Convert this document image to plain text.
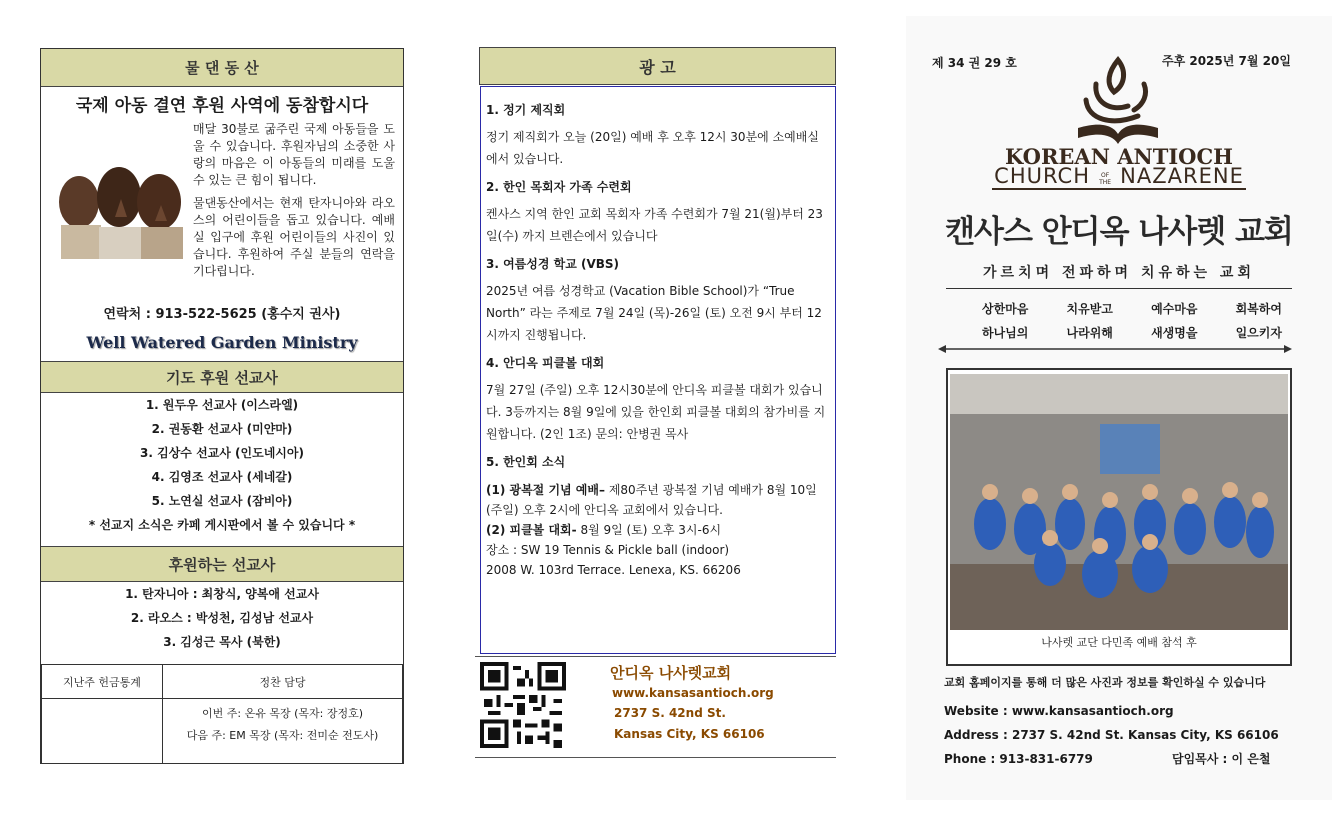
물 댄 동 산
국제 아동 결연 후원 사역에 동참합시다
매달 30불로 굶주린 국제 아동들을 도울 수 있습니다. 후원자님의 소중한 사랑의 마음은 이 아동들의 미래를 도울 수 있는 큰 힘이 됩니다.
물댄동산에서는 현재 탄자니아와 라오스의 어린이들을 돕고 있습니다. 예배실 입구에 후원 어린이들의 사진이 있습니다. 후원하여 주실 분들의 연락을 기다립니다.
연락처 : 913-522-5625 (홍수지 권사)
Well Watered Garden Ministry
기도 후원 선교사
1. 원두우 선교사 (이스라엘)
2. 권동환 선교사 (미얀마)
3. 김상수 선교사 (인도네시아)
4. 김영조 선교사 (세네갈)
5. 노연실 선교사 (잠비아)
* 선교지 소식은 카페 게시판에서 볼 수 있습니다 *
후원하는 선교사
1. 탄자니아 : 최창식, 양복애 선교사
2. 라오스 : 박성천, 김성남 선교사
3. 김성근 목사 (북한)
지난주 헌금통계	정찬 담당

	이번 주: 온유 목장 (목자: 장정호)
다음 주: EM 목장 (목자: 전미순 전도사)
광 고

1. 정기 제직회

정기 제직회가 오늘 (20일) 예배 후 오후 12시 30분에 소예배실에서 있습니다.

2. 한인 목회자 가족 수련회

켄사스 지역 한인 교회 목회자 가족 수련회가 7월 21(월)부터 23일(수) 까지 브렌슨에서 있습니다

3. 여름성경 학교 (VBS)

2025년 여름 성경학교 (Vacation Bible School)가 “True North” 라는 주제로 7월 24일 (목)-26일 (토) 오전 9시 부터 12시까지 진행됩니다.

4. 안디옥 피클볼 대회

7월 27일 (주일) 오후 12시30분에 안디옥 피클볼 대회가 있습니다. 3등까지는 8월 9일에 있을 한인회 피클볼 대회의 참가비를 지원합니다. (2인 1조) 문의: 안병권 목사

5. 한인회 소식

(1) 광복절 기념 예배– 제80주년 광복절 기념 예배가 8월 10일(주일) 오후 2시에 안디옥 교회에서 있습니다.

(2) 피클볼 대회- 8월 9일 (토) 오후 3시-6시

장소 : SW 19 Tennis & Pickle ball (indoor)

2008 W. 103rd Terrace. Lenexa, KS. 66206

안디옥 나사렛교회
www.kansasantioch.org
2737 S. 42nd St.
Kansas City, KS 66106
제 34 권 29 호	주후 2025년 7월 20일
KOREAN ANTIOCH
CHURCH OF THE NAZARENE
캔사스 안디옥 나사렛 교회
가르치며 전파하며 치유하는 교회
상한마음	치유받고	예수마음	회복하여
하나님의	나라위해	새생명을	일으키자
나사렛 교단 다민족 예배 참석 후
교회 홈페이지를 통해 더 많은 사진과 정보를 확인하실 수 있습니다
Website : www.kansasantioch.org
Address : 2737 S. 42nd St. Kansas City, KS 66106
Phone : 913-831-6779	담임목사 : 이 은철
